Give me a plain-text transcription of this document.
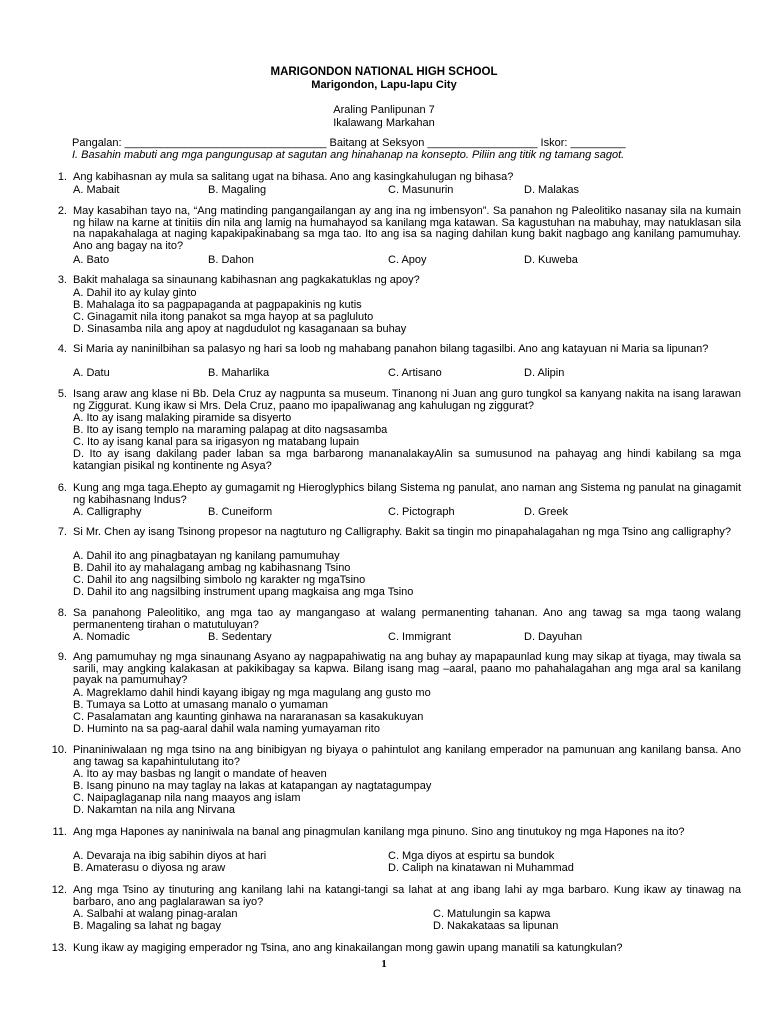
MARIGONDON NATIONAL HIGH SCHOOL
Marigondon, Lapu-lapu City
Araling Panlipunan 7
Ikalawang Markahan
Pangalan: _________________________________ Baitang at Seksyon __________________ Iskor: _________
I. Basahin mabuti ang mga pangungusap at sagutan ang hinahanap na konsepto. Piliin ang titik ng tamang sagot.
1. Ang kabihasnan ay mula sa salitang ugat na bihasa. Ano ang kasingkahulugan ng bihasa?
A. Mabait	B. Magaling	C. Masunurin	D. Malakas
2. May kasabihan tayo na, “Ang matinding pangangailangan ay ang ina ng imbensyon”. Sa panahon ng Paleolitiko nasanay sila na kumain ng hilaw na karne at tinitiis din nila ang lamig na humahayod sa kanilang mga katawan. Sa kagustuhan na mabuhay, may natuklasan sila na napakahalaga at naging kapakipakinabang sa mga tao. Ito ang isa sa naging dahilan kung bakit nagbago ang kanilang pamumuhay. Ano ang bagay na ito?
A. Bato	B. Dahon	C. Apoy	D. Kuweba
3. Bakit mahalaga sa sinaunang kabihasnan ang pagkakatuklas ng apoy?
A. Dahil ito ay kulay ginto
B. Mahalaga ito sa pagpapaganda at pagpapakinis ng kutis
C. Ginagamit nila itong panakot sa mga hayop at sa pagluluto
D. Sinasamba nila ang apoy at nagdudulot ng kasaganaan sa buhay
4. Si Maria ay naninilbihan sa palasyo ng hari sa loob ng mahabang panahon bilang tagasilbi. Ano ang katayuan ni Maria sa lipunan?
A. Datu	B. Maharlika	C. Artisano	D. Alipin
5. Isang araw ang klase ni Bb. Dela Cruz ay nagpunta sa museum. Tinanong ni Juan ang guro tungkol sa kanyang nakita na isang larawan ng Ziggurat. Kung ikaw si Mrs. Dela Cruz, paano mo ipapaliwanag ang kahulugan ng ziggurat?
A. Ito ay isang malaking piramide sa disyerto
B. Ito ay isang templo na maraming palapag at dito nagsasamba
C. Ito ay isang kanal para sa irigasyon ng matabang lupain
D. Ito ay isang dakilang pader laban sa mga barbarong mananalakayAlin sa sumusunod na pahayag ang hindi kabilang sa mga katangian pisikal ng kontinente ng Asya?
6. Kung ang mga taga.Ehepto ay gumagamit ng Hieroglyphics bilang Sistema ng panulat, ano naman ang Sistema ng panulat na ginagamit ng kabihasnang Indus?
A. Calligraphy	B. Cuneiform	C. Pictograph	D. Greek
7. Si Mr. Chen ay isang Tsinong propesor na nagtuturo ng Calligraphy. Bakit sa tingin mo pinapahalagahan ng mga Tsino ang calligraphy?
A. Dahil ito ang pinagbatayan ng kanilang pamumuhay
B. Dahil ito ay mahalagang ambag ng kabihasnang Tsino
C. Dahil ito ang nagsilbing simbolo ng karakter ng mgaTsino
D. Dahil ito ang nagsilbing instrument upang magkaisa ang mga Tsino
8. Sa panahong Paleolitiko, ang mga tao ay mangangaso at walang permanenting tahanan. Ano ang tawag sa mga taong walang permanenteng tirahan o matutuluyan?
A. Nomadic	B. Sedentary	C. Immigrant	D. Dayuhan
9. Ang pamumuhay ng mga sinaunang Asyano ay nagpapahiwatig na ang buhay ay mapapaunlad kung may sikap at tiyaga, may tiwala sa sarili, may angking kalakasan at pakikibagay sa kapwa. Bilang isang mag –aaral, paano mo pahahalagahan ang mga aral sa kanilang payak na pamumuhay?
A. Magreklamo dahil hindi kayang ibigay ng mga magulang ang gusto mo
B. Tumaya sa Lotto at umasang manalo o yumaman
C. Pasalamatan ang kaunting ginhawa na nararanasan sa kasakukuyan
D. Huminto na sa pag-aaral dahil wala naming yumayaman rito
10. Pinaniniwalaan ng mga tsino na ang binibigyan ng biyaya o pahintulot ang kanilang emperador na pamunuan ang kanilang bansa. Ano ang tawag sa kapahintulutang ito?
A. Ito ay may basbas ng langit o mandate of heaven
B. Isang pinuno na may taglay na lakas at katapangan ay nagtatagumpay
C. Naipaglaganap nila nang maayos ang islam
D. Nakamtan na nila ang Nirvana
11. Ang mga Hapones ay naniniwala na banal ang pinagmulan kanilang mga pinuno. Sino ang tinutukoy ng mga Hapones na ito?
A. Devaraja na ibig sabihin diyos at hari	C. Mga diyos at espirtu sa bundok
B. Amaterasu o diyosa ng araw	D. Caliph na kinatawan ni Muhammad
12. Ang mga Tsino ay tinuturing ang kanilang lahi na katangi-tangi sa lahat at ang ibang lahi ay mga barbaro. Kung ikaw ay tinawag na barbaro, ano ang paglalarawan sa iyo?
A. Salbahi at walang pinag-aralan	C. Matulungin sa kapwa
B. Magaling sa lahat ng bagay	D. Nakakataas sa lipunan
13. Kung ikaw ay magiging emperador ng Tsina, ano ang kinakailangan mong gawin upang manatili sa katungkulan?
1
